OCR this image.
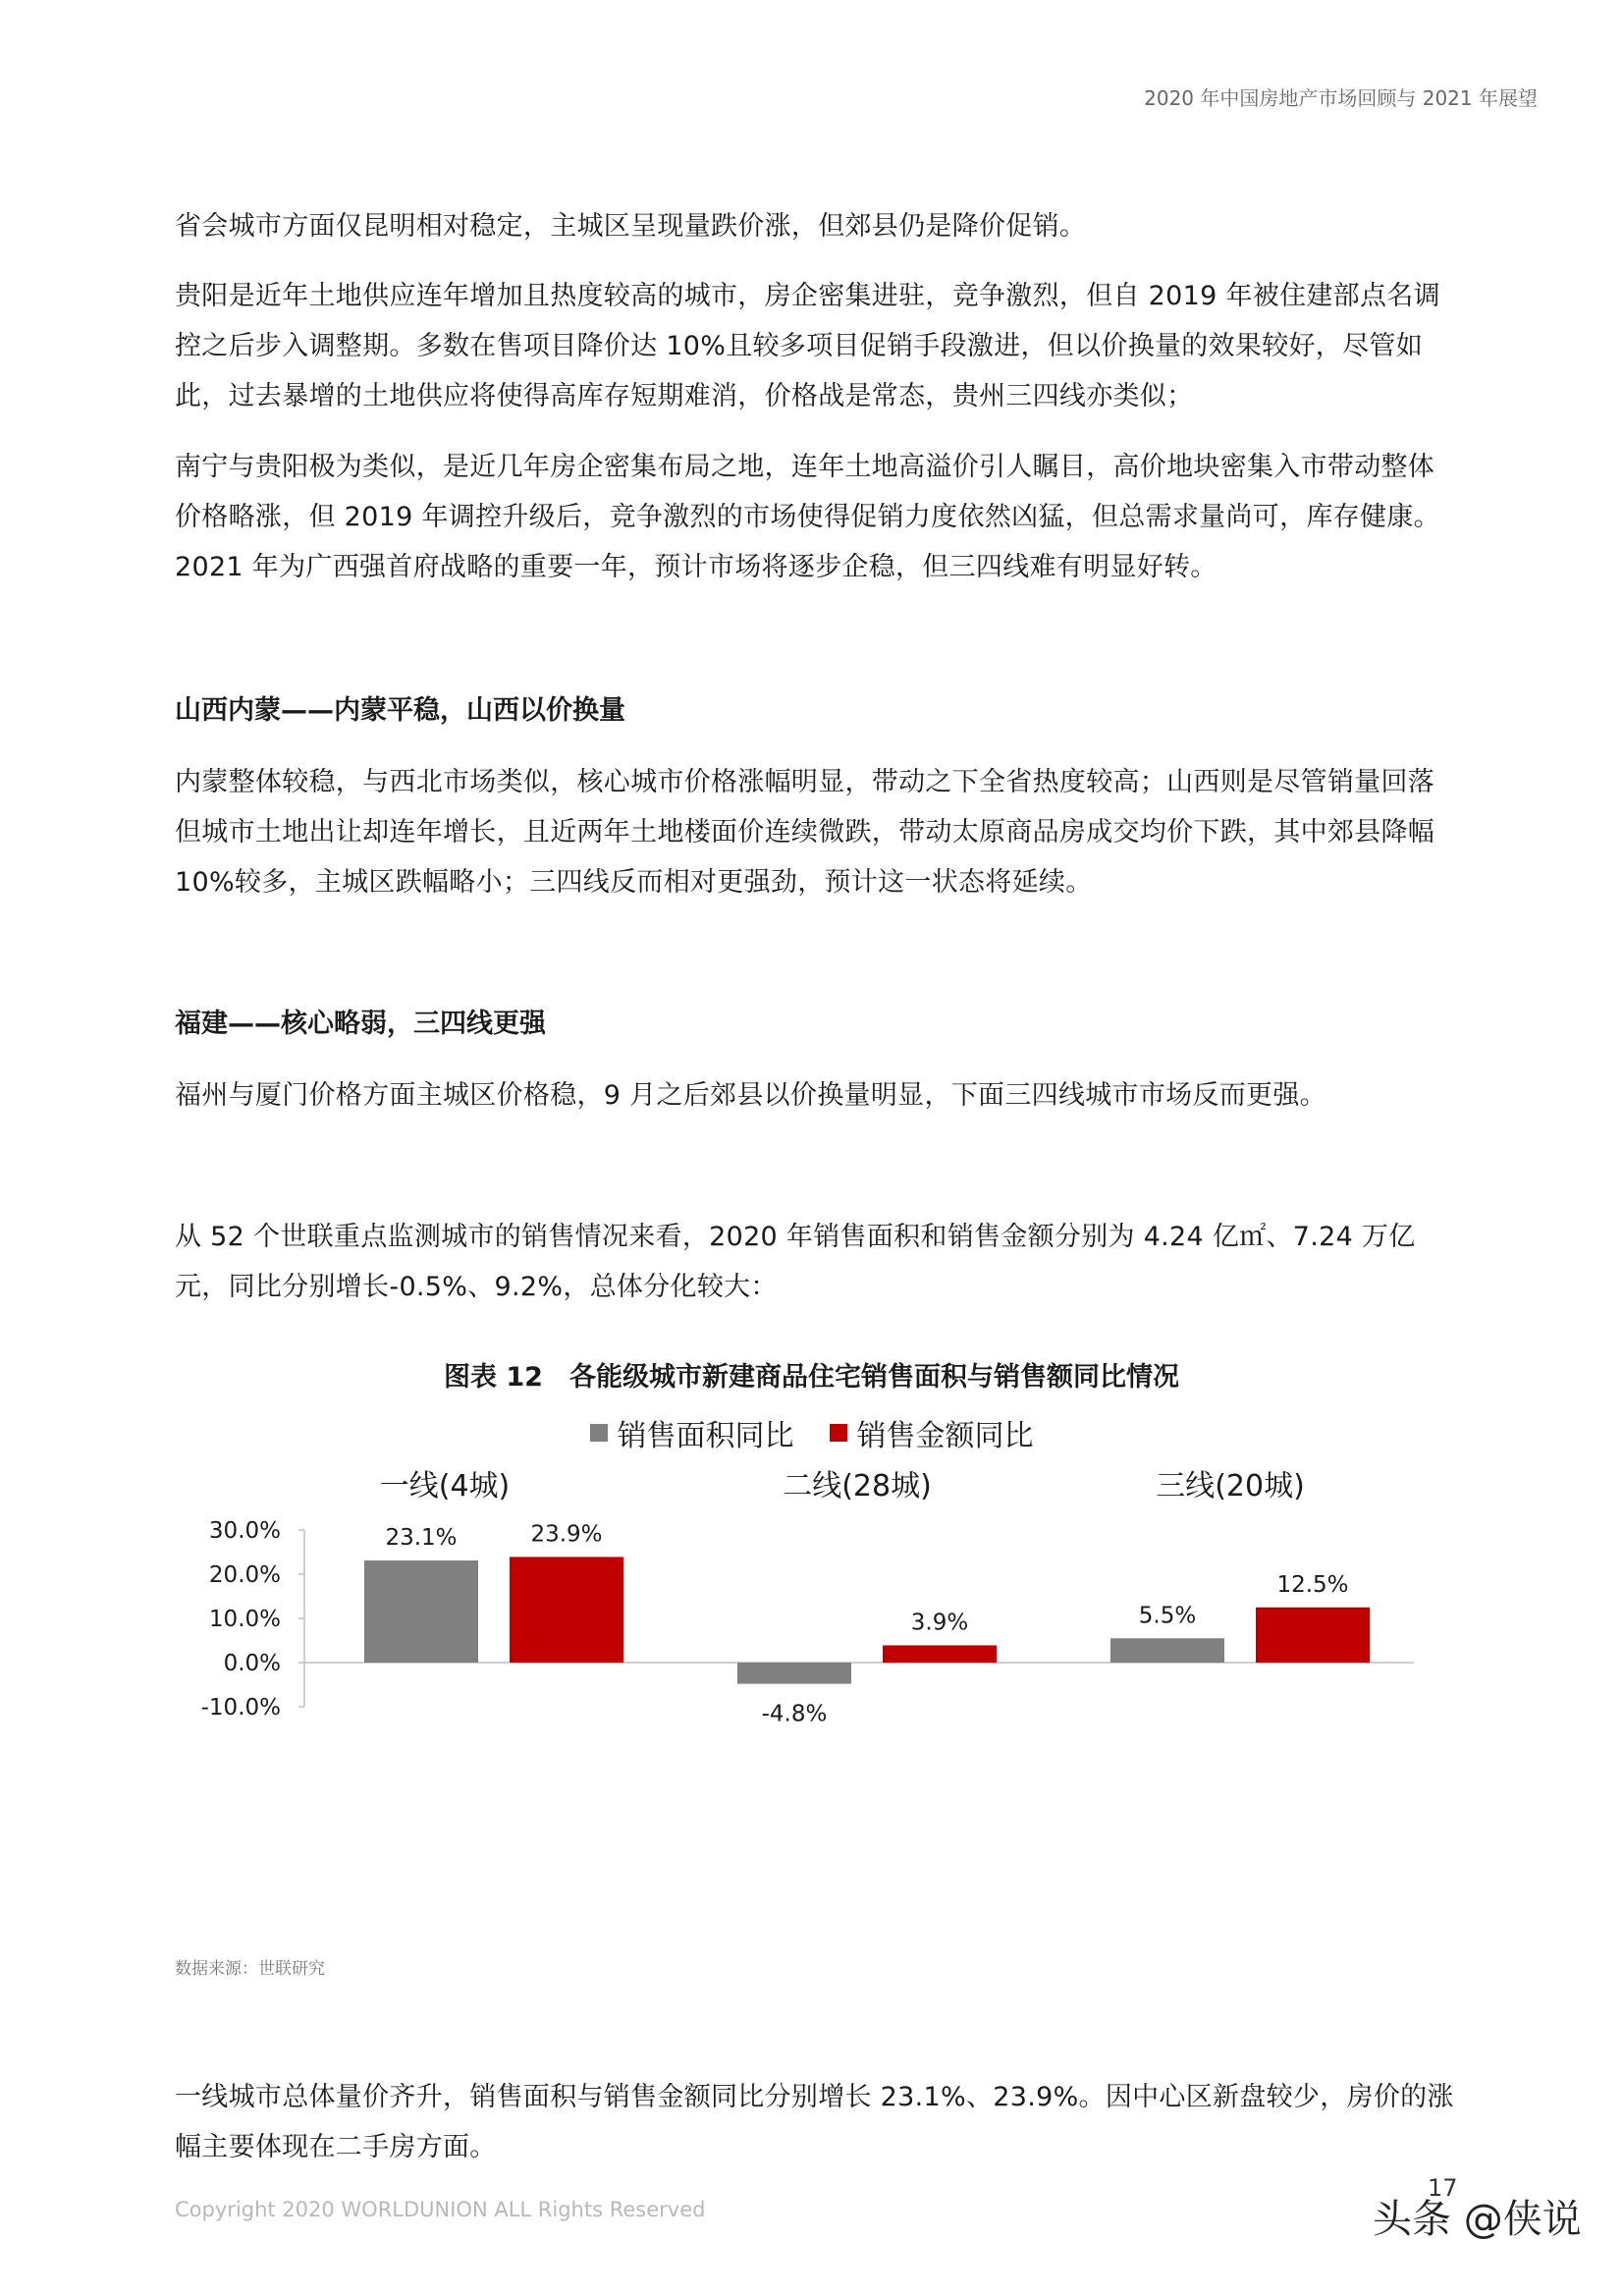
2020 年中国房地产市场回顾与 2021 年展望

省会城市方面仅昆明相对稳定，主城区呈现量跌价涨，但郊县仍是降价促销。

贵阳是近年土地供应连年增加且热度较高的城市，房企密集进驻，竞争激烈，但自 2019 年被住建部点名调控之后步入调整期。多数在售项目降价达 10%且较多项目促销手段激进，但以价换量的效果较好，尽管如此，过去暴增的土地供应将使得高库存短期难消，价格战是常态，贵州三四线亦类似；

南宁与贵阳极为类似，是近几年房企密集布局之地，连年土地高溢价引人瞩目，高价地块密集入市带动整体价格略涨，但 2019 年调控升级后，竞争激烈的市场使得促销力度依然凶猛，但总需求量尚可，库存健康。2021 年为广西强首府战略的重要一年，预计市场将逐步企稳，但三四线难有明显好转。

山西内蒙——内蒙平稳，山西以价换量

内蒙整体较稳，与西北市场类似，核心城市价格涨幅明显，带动之下全省热度较高；山西则是尽管销量回落但城市土地出让却连年增长，且近两年土地楼面价连续微跌，带动太原商品房成交均价下跌，其中郊县降幅 10%较多，主城区跌幅略小；三四线反而相对更强劲，预计这一状态将延续。

福建——核心略弱，三四线更强

福州与厦门价格方面主城区价格稳，9 月之后郊县以价换量明显，下面三四线城市市场反而更强。

从 52 个世联重点监测城市的销售情况来看，2020 年销售面积和销售金额分别为 4.24 亿㎡、7.24 万亿元，同比分别增长-0.5%、9.2%，总体分化较大：

图表 12　各能级城市新建商品住宅销售面积与销售额同比情况
销售面积同比 销售金额同比
一线(4城)	二线(28城)	三线(20城)
30.0%
20.0%
10.0%
0.0%
-10.0%
23.1%
-4.8%
5.5%
23.9%
3.9%
12.5%
数据来源：世联研究

一线城市总体量价齐升，销售面积与销售金额同比分别增长 23.1%、23.9%。因中心区新盘较少，房价的涨幅主要体现在二手房方面。

Copyright 2020 WORLDUNION ALL Rights Reserved
17
头条 @侠说
